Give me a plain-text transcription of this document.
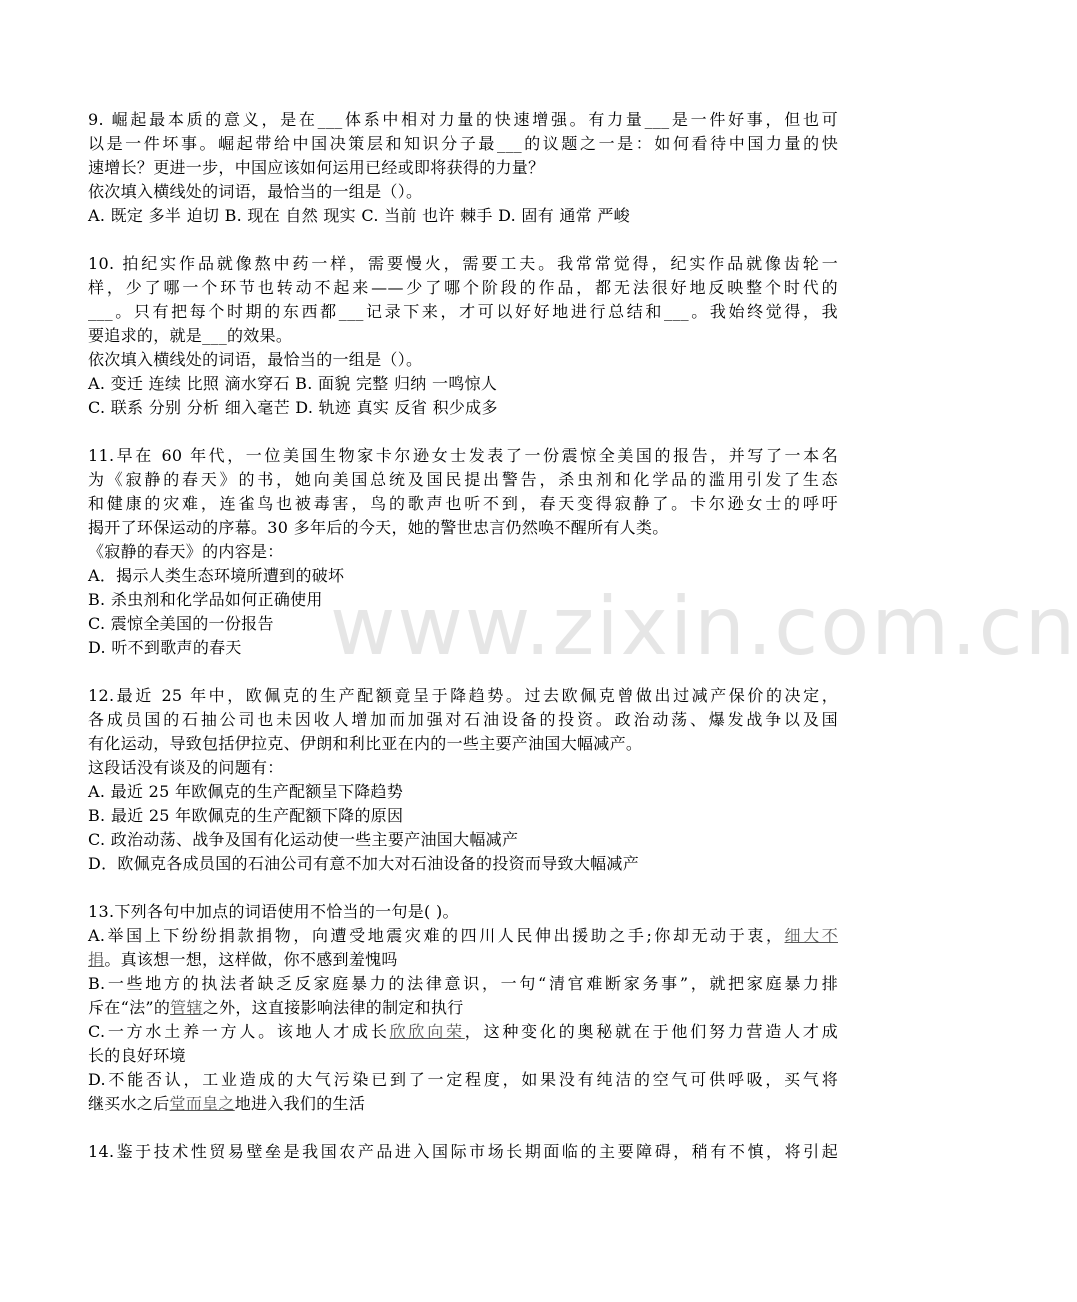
www.zixin.com.cn
9. 崛起最本质的意义，是在___体系中相对力量的快速增强。有力量___是一件好事，但也可
以是一件坏事。崛起带给中国决策层和知识分子最___的议题之一是：如何看待中国力量的快
速增长？更进一步，中国应该如何运用已经或即将获得的力量？
依次填入横线处的词语，最恰当的一组是（）。
A. 既定 多半 迫切 B. 现在 自然 现实 C. 当前 也许 棘手 D. 固有 通常 严峻
10. 拍纪实作品就像熬中药一样，需要慢火，需要工夫。我常常觉得，纪实作品就像齿轮一
样，少了哪一个环节也转动不起来——少了哪个阶段的作品，都无法很好地反映整个时代的
___。只有把每个时期的东西都___记录下来，才可以好好地进行总结和___。我始终觉得，我
要追求的，就是___的效果。
依次填入横线处的词语，最恰当的一组是（）。
A. 变迁 连续 比照 滴水穿石 B. 面貌 完整 归纳 一鸣惊人
C. 联系 分别 分析 细入毫芒 D. 轨迹 真实 反省 积少成多
11.早在 60 年代，一位美国生物家卡尔逊女士发表了一份震惊全美国的报告，并写了一本名
为《寂静的春天》的书，她向美国总统及国民提出警告，杀虫剂和化学品的滥用引发了生态
和健康的灾难，连雀鸟也被毒害，鸟的歌声也听不到，春天变得寂静了。卡尔逊女士的呼吁
揭开了环保运动的序幕。30 多年后的今天，她的警世忠言仍然唤不醒所有人类。
《寂静的春天》的内容是：
A．揭示人类生态环境所遭到的破坏
B. 杀虫剂和化学品如何正确使用
C. 震惊全美国的一份报告
D. 听不到歌声的春天
12.最近 25 年中，欧佩克的生产配额竟呈于降趋势。过去欧佩克曾做出过减产保价的决定，
各成员国的石抽公司也未因收人增加而加强对石油设备的投资。政治动荡、爆发战争以及国
有化运动，导致包括伊拉克、伊朗和利比亚在内的一些主要产油国大幅减产。
这段话没有谈及的问题有：
A. 最近 25 年欧佩克的生产配额呈下降趋势
B. 最近 25 年欧佩克的生产配额下降的原因
C. 政治动荡、战争及国有化运动使一些主要产油国大幅减产
D．欧佩克各成员国的石油公司有意不加大对石油设备的投资而导致大幅减产
13.下列各句中加点的词语使用不恰当的一句是( )。
A.举国上下纷纷捐款捐物，向遭受地震灾难的四川人民伸出援助之手;你却无动于衷，细大不
捐。真该想一想，这样做，你不感到羞愧吗
B.一些地方的执法者缺乏反家庭暴力的法律意识，一句“清官难断家务事”，就把家庭暴力排
斥在“法”的管辖之外，这直接影响法律的制定和执行
C.一方水土养一方人。该地人才成长欣欣向荣，这种变化的奥秘就在于他们努力营造人才成
长的良好环境
D.不能否认，工业造成的大气污染已到了一定程度，如果没有纯洁的空气可供呼吸，买气将
继买水之后堂而皇之地进入我们的生活
14.鉴于技术性贸易壁垒是我国农产品进入国际市场长期面临的主要障碍，稍有不慎，将引起
